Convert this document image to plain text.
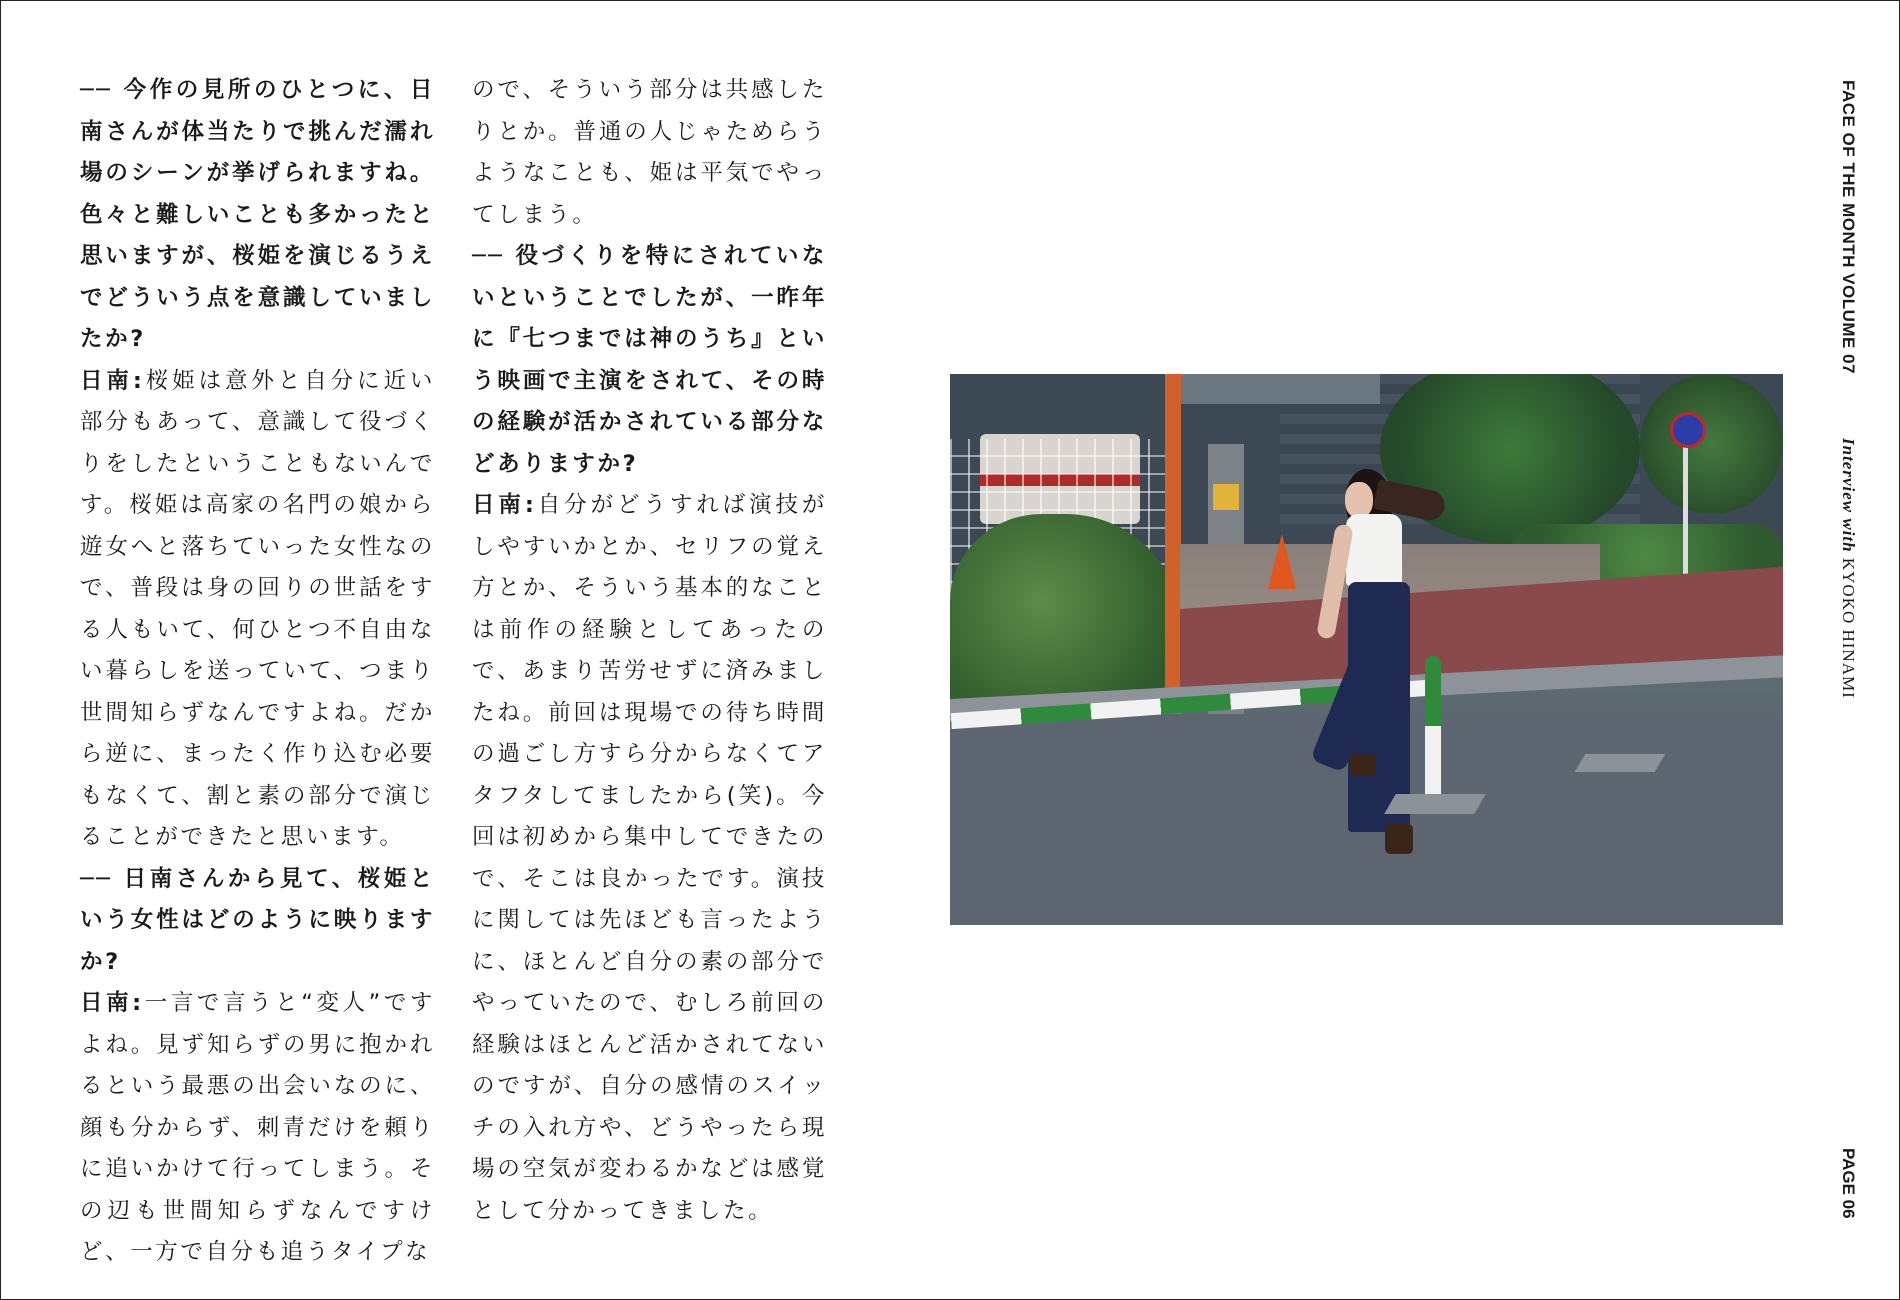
── 今作の見所のひとつに、日南さんが体当たりで挑んだ濡れ場のシーンが挙げられますね。色々と難しいことも多かったと思いますが、桜姫を演じるうえでどういう点を意識していましたか?

日南:桜姫は意外と自分に近い部分もあって、意識して役づくりをしたということもないんです。桜姫は高家の名門の娘から遊女へと落ちていった女性なので、普段は身の回りの世話をする人もいて、何ひとつ不自由ない暮らしを送っていて、つまり世間知らずなんですよね。だから逆に、まったく作り込む必要もなくて、割と素の部分で演じることができたと思います。

── 日南さんから見て、桜姫という女性はどのように映りますか?

日南:一言で言うと“変人”ですよね。見ず知らずの男に抱かれるという最悪の出会いなのに、顔も分からず、刺青だけを頼りに追いかけて行ってしまう。その辺も世間知らずなんですけど、一方で自分も追うタイプな

ので、そういう部分は共感したりとか。普通の人じゃためらうようなことも、姫は平気でやってしまう。

── 役づくりを特にされていないということでしたが、一昨年に『七つまでは神のうち』という映画で主演をされて、その時の経験が活かされている部分などありますか?

日南:自分がどうすれば演技がしやすいかとか、セリフの覚え方とか、そういう基本的なことは前作の経験としてあったので、あまり苦労せずに済みましたね。前回は現場での待ち時間の過ごし方すら分からなくてアタフタしてましたから(笑)。今回は初めから集中してできたので、そこは良かったです。演技に関しては先ほども言ったように、ほとんど自分の素の部分でやっていたので、むしろ前回の経験はほとんど活かされてないのですが、自分の感情のスイッチの入れ方や、どうやったら現場の空気が変わるかなどは感覚として分かってきました。

FACE OF THE MONTH VOLUME 07
Interview with KYOKO HINAMI
PAGE 06
